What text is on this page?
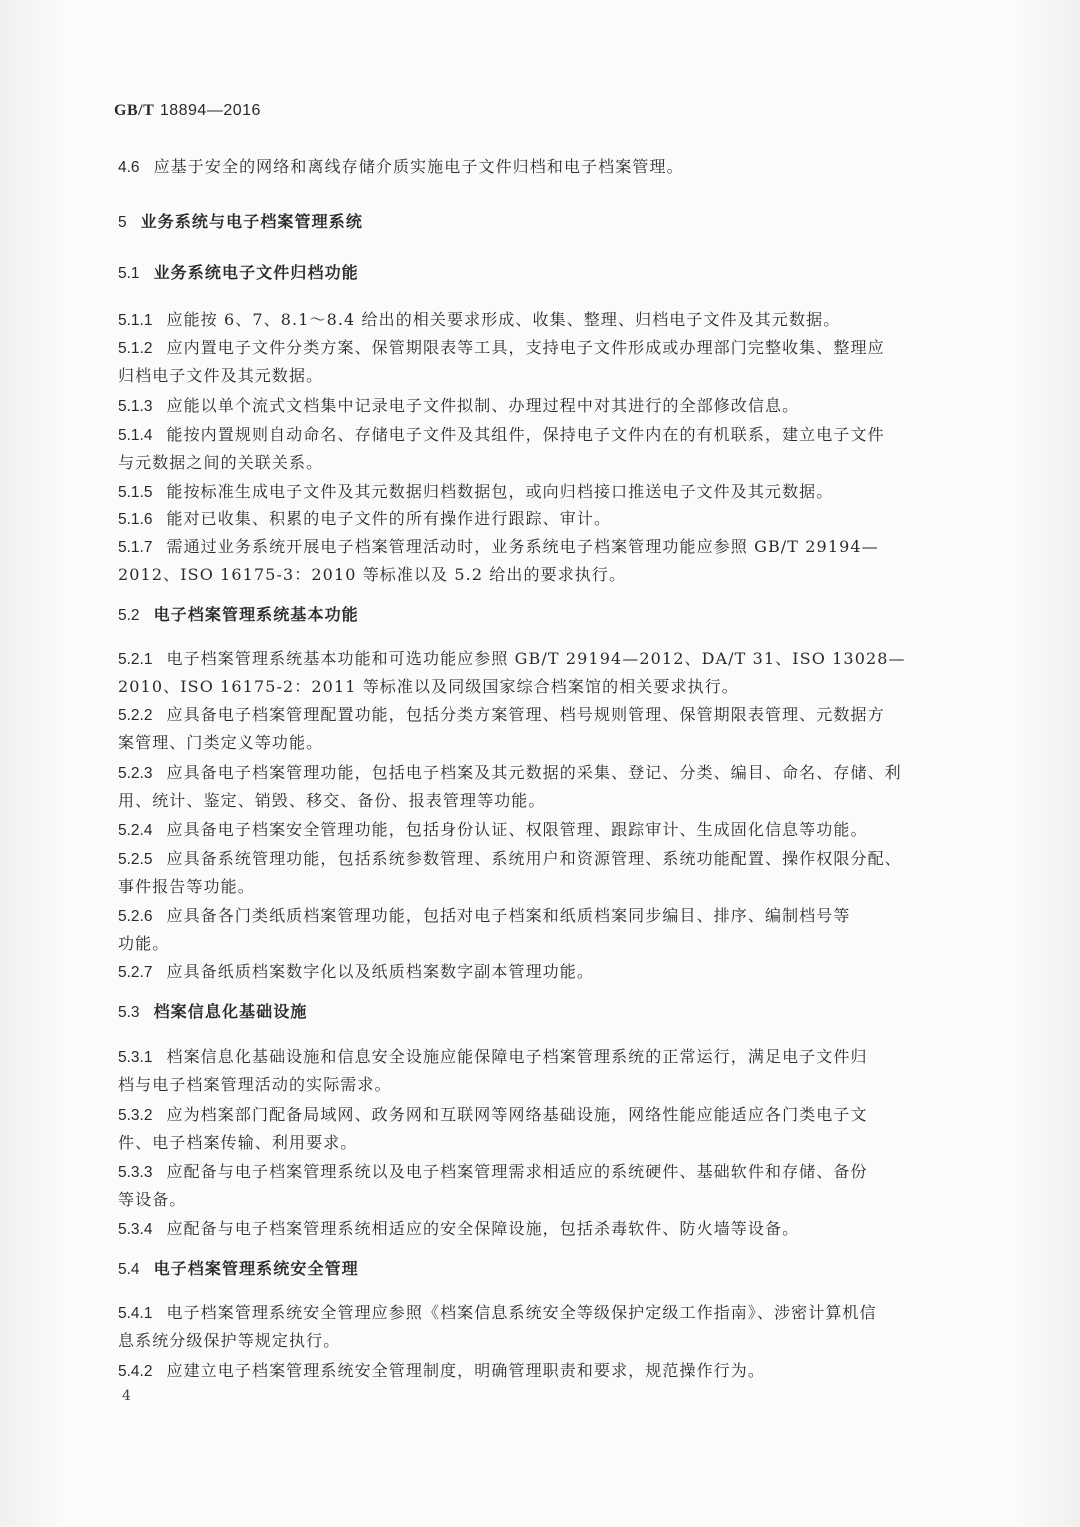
GB/T 18894—2016
4.6 应基于安全的网络和离线存储介质实施电子文件归档和电子档案管理。
5 业务系统与电子档案管理系统
5.1 业务系统电子文件归档功能
5.1.1 应能按 6、7、8.1～8.4 给出的相关要求形成、收集、整理、归档电子文件及其元数据。
5.1.2 应内置电子文件分类方案、保管期限表等工具，支持电子文件形成或办理部门完整收集、整理应
归档电子文件及其元数据。
5.1.3 应能以单个流式文档集中记录电子文件拟制、办理过程中对其进行的全部修改信息。
5.1.4 能按内置规则自动命名、存储电子文件及其组件，保持电子文件内在的有机联系，建立电子文件
与元数据之间的关联关系。
5.1.5 能按标准生成电子文件及其元数据归档数据包，或向归档接口推送电子文件及其元数据。
5.1.6 能对已收集、积累的电子文件的所有操作进行跟踪、审计。
5.1.7 需通过业务系统开展电子档案管理活动时，业务系统电子档案管理功能应参照 GB/T 29194—
2012、ISO 16175-3：2010 等标准以及 5.2 给出的要求执行。
5.2 电子档案管理系统基本功能
5.2.1 电子档案管理系统基本功能和可选功能应参照 GB/T 29194—2012、DA/T 31、ISO 13028—
2010、ISO 16175-2：2011 等标准以及同级国家综合档案馆的相关要求执行。
5.2.2 应具备电子档案管理配置功能，包括分类方案管理、档号规则管理、保管期限表管理、元数据方
案管理、门类定义等功能。
5.2.3 应具备电子档案管理功能，包括电子档案及其元数据的采集、登记、分类、编目、命名、存储、利
用、统计、鉴定、销毁、移交、备份、报表管理等功能。
5.2.4 应具备电子档案安全管理功能，包括身份认证、权限管理、跟踪审计、生成固化信息等功能。
5.2.5 应具备系统管理功能，包括系统参数管理、系统用户和资源管理、系统功能配置、操作权限分配、
事件报告等功能。
5.2.6 应具备各门类纸质档案管理功能，包括对电子档案和纸质档案同步编目、排序、编制档号等
功能。
5.2.7 应具备纸质档案数字化以及纸质档案数字副本管理功能。
5.3 档案信息化基础设施
5.3.1 档案信息化基础设施和信息安全设施应能保障电子档案管理系统的正常运行，满足电子文件归
档与电子档案管理活动的实际需求。
5.3.2 应为档案部门配备局域网、政务网和互联网等网络基础设施，网络性能应能适应各门类电子文
件、电子档案传输、利用要求。
5.3.3 应配备与电子档案管理系统以及电子档案管理需求相适应的系统硬件、基础软件和存储、备份
等设备。
5.3.4 应配备与电子档案管理系统相适应的安全保障设施，包括杀毒软件、防火墙等设备。
5.4 电子档案管理系统安全管理
5.4.1 电子档案管理系统安全管理应参照《档案信息系统安全等级保护定级工作指南》、涉密计算机信
息系统分级保护等规定执行。
5.4.2 应建立电子档案管理系统安全管理制度，明确管理职责和要求，规范操作行为。
4
